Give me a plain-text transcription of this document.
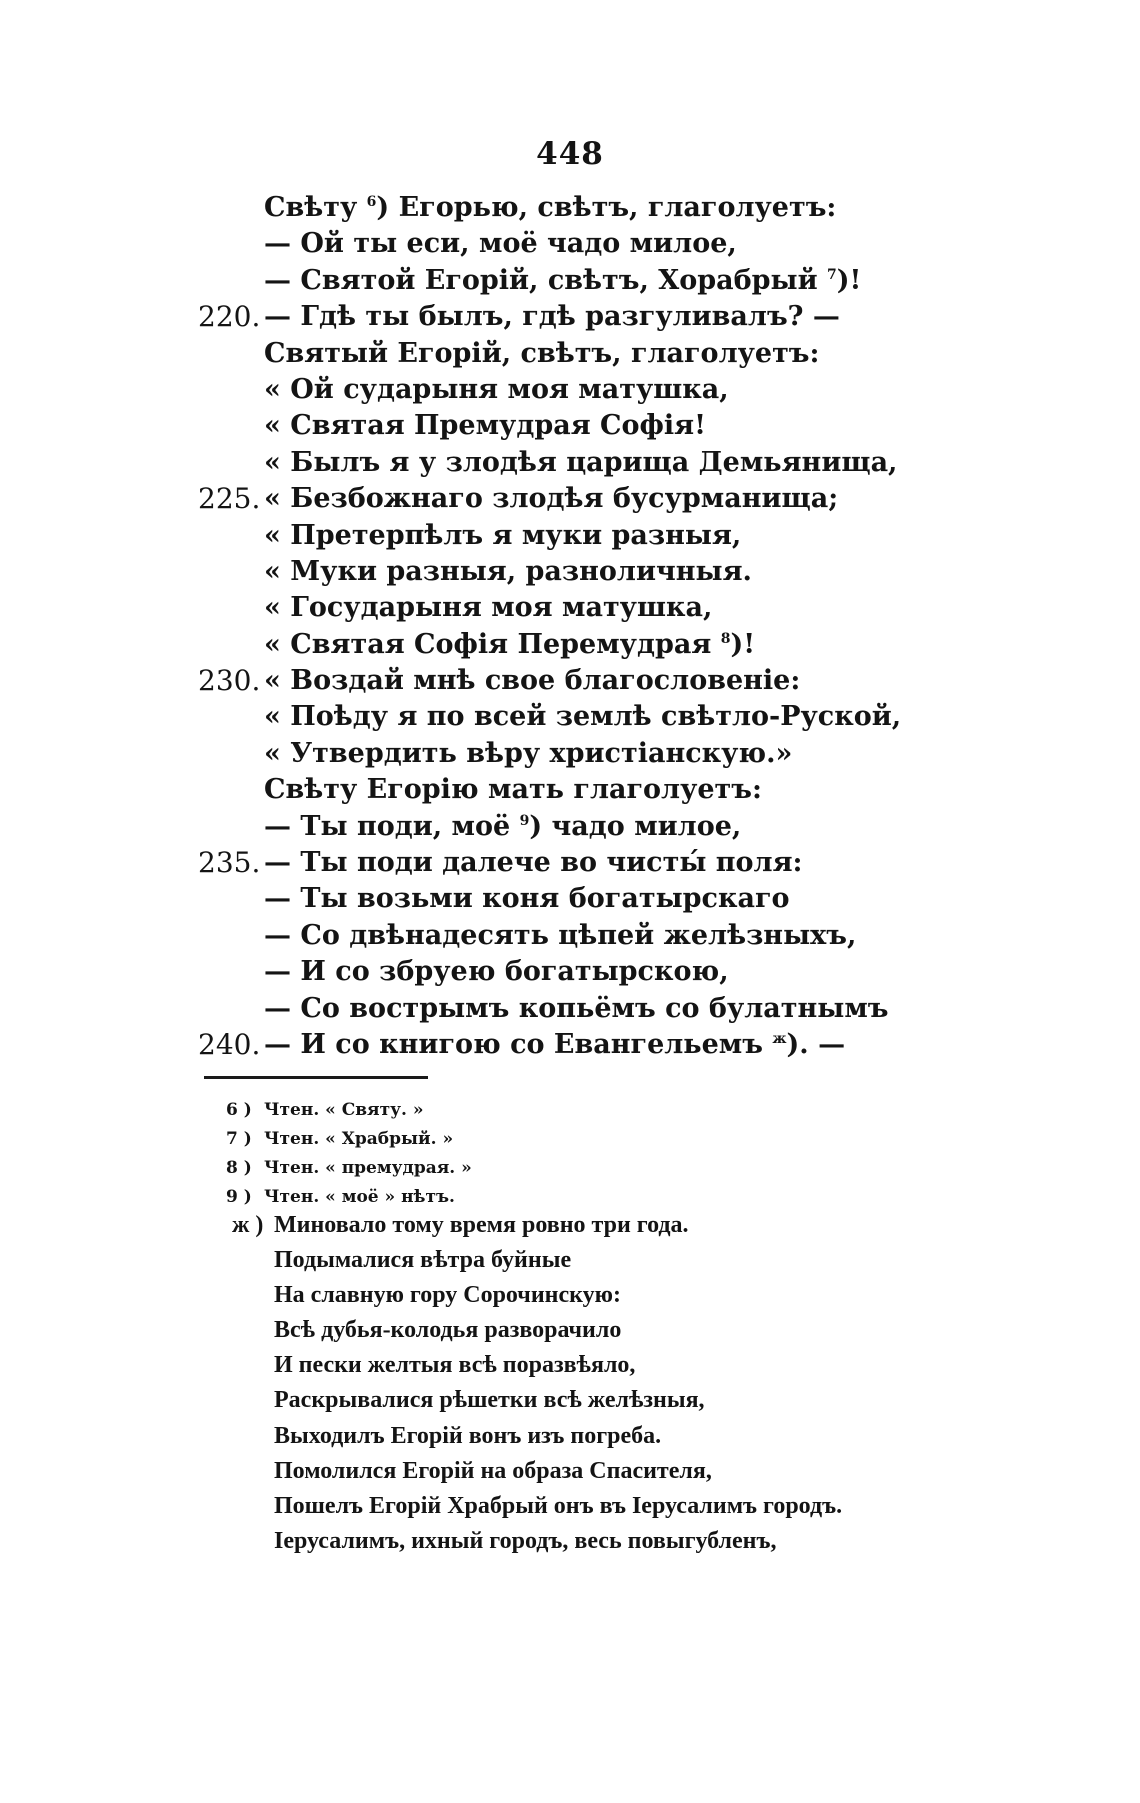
448
Свѣту $^6$) Егорью, свѣтъ, глаголуетъ:
— Ой ты еси, моё чадо милое,
— Святой Егорій, свѣтъ, Хорабрый $^7$)!
220. — Гдѣ ты былъ, гдѣ разгуливалъ? —
Святый Егорій, свѣтъ, глаголуетъ:
« Ой сударыня моя матушка,
« Святая Премудрая Софія!
« Былъ я у злодѣя царища Демьянища,
225. « Безбожнаго злодѣя бусурманища;
« Претерпѣлъ я муки разныя,
« Муки разныя, разноличныя.
« Государыня моя матушка,
« Святая Софія Перемудрая $^8$)!
230. « Воздай мнѣ свое благословеніе:
« Поѣду я по всей землѣ свѣтло-Руской,
« Утвердить вѣру христіанскую.»
Свѣту Егорію мать глаголуетъ:
— Ты поди, моё $^9$) чадо милое,
235. — Ты поди далече во чисты́ поля:
— Ты возьми коня богатырскаго
— Со двѣнадесять цѣпей желѣзныхъ,
— И со збруею богатырскою,
— Со вострымъ копьёмъ со булатнымъ
240. — И со книгою со Евангельемъ $^ж$). —
6 ) Чтен. « Святу. »
7 ) Чтен. « Храбрый. »
8 ) Чтен. « премудрая. »
9 ) Чтен. « моё » нѣтъ.
ж ) Миновало тому время ровно три года.
Подымалися вѣтра буйные
На славную гору Сорочинскую:
Всѣ дубья-колодья разворачило
И пески желтыя всѣ поразвѣяло,
Раскрывалися рѣшетки всѣ желѣзныя,
Выходилъ Егорій вонъ изъ погреба.
Помолился Егорій на образа Спасителя,
Пошелъ Егорій Храбрый онъ въ Іерусалимъ городъ.
Іерусалимъ, ихный городъ, весь повыгубленъ,
